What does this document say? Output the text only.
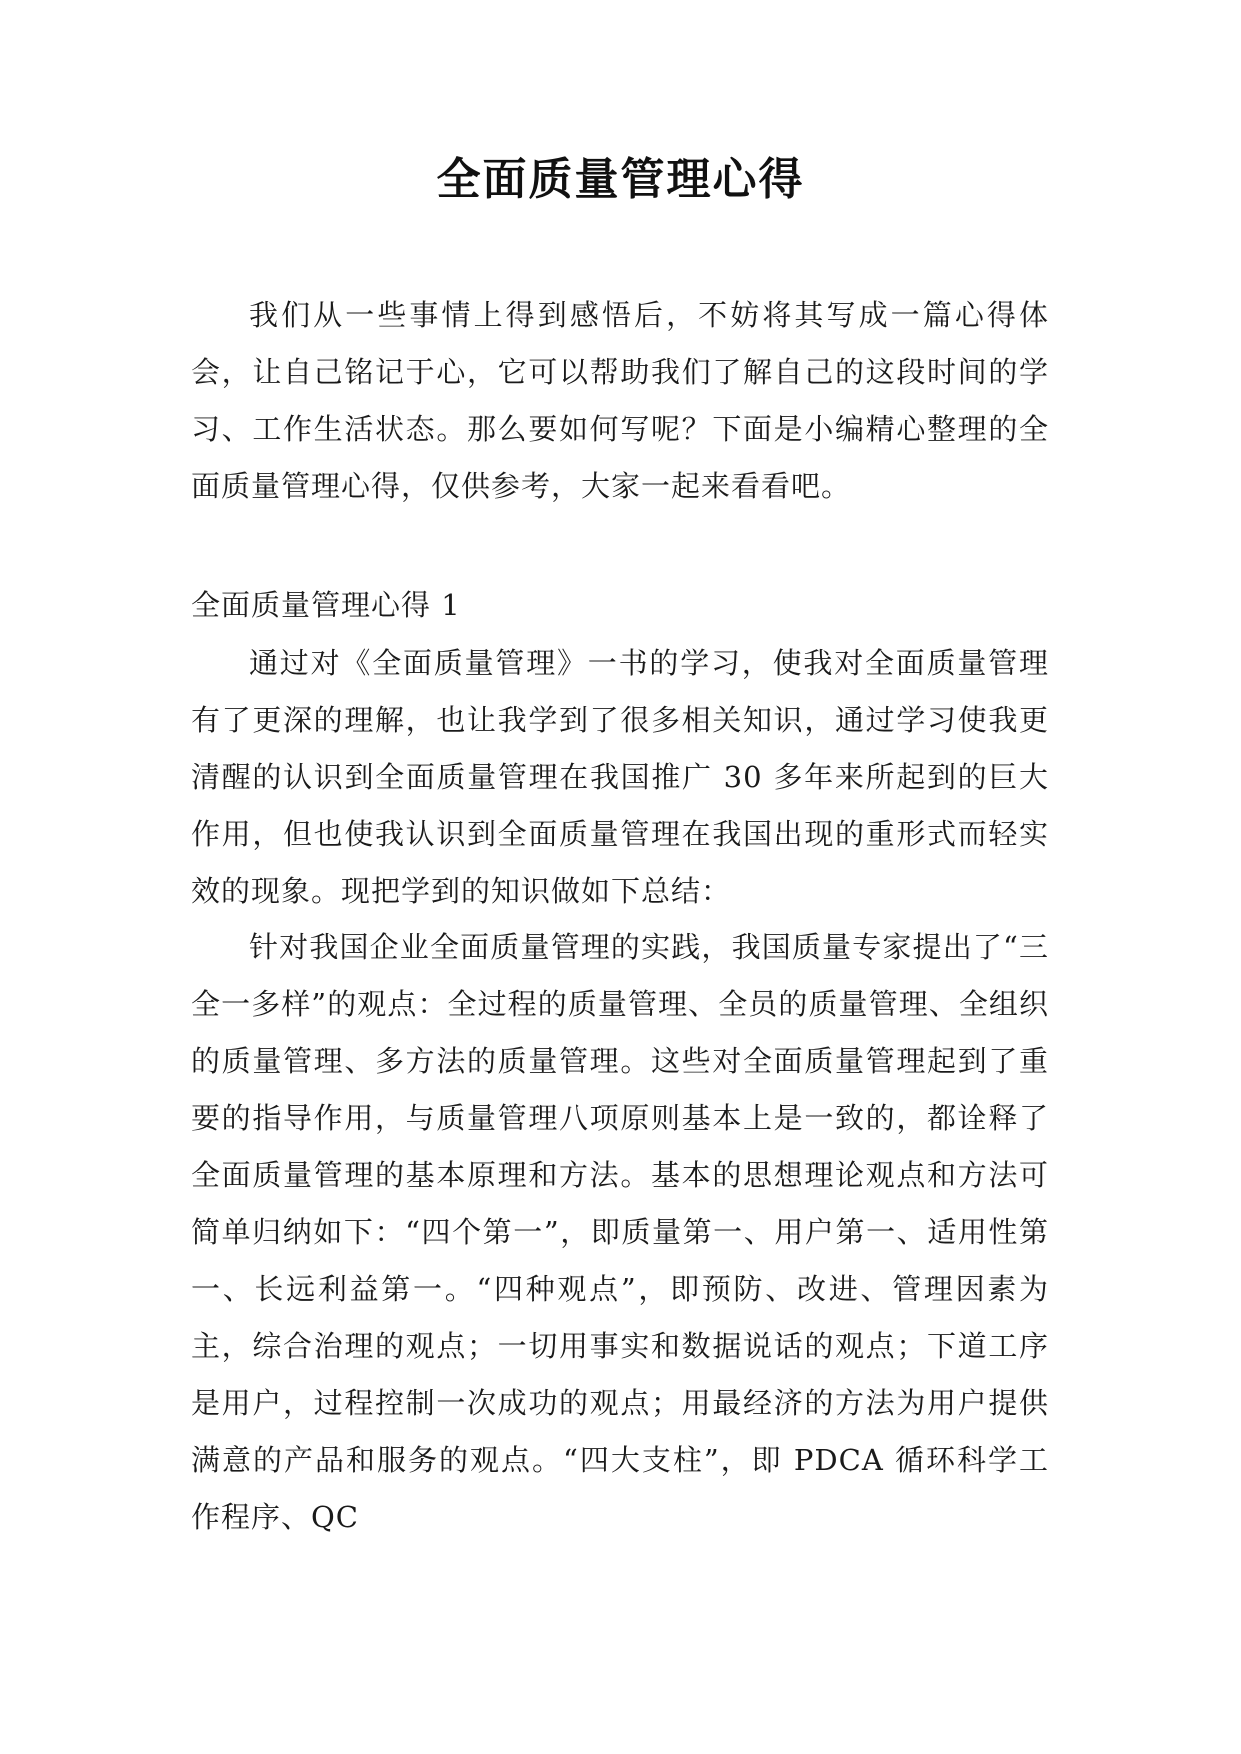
全面质量管理心得

我们从一些事情上得到感悟后，不妨将其写成一篇心得体会，让自己铭记于心，它可以帮助我们了解自己的这段时间的学习、工作生活状态。那么要如何写呢？下面是小编精心整理的全面质量管理心得，仅供参考，大家一起来看看吧。

全面质量管理心得 1

通过对《全面质量管理》一书的学习，使我对全面质量管理有了更深的理解，也让我学到了很多相关知识，通过学习使我更清醒的认识到全面质量管理在我国推广 30 多年来所起到的巨大作用，但也使我认识到全面质量管理在我国出现的重形式而轻实效的现象。现把学到的知识做如下总结：

针对我国企业全面质量管理的实践，我国质量专家提出了“三全一多样”的观点：全过程的质量管理、全员的质量管理、全组织的质量管理、多方法的质量管理。这些对全面质量管理起到了重要的指导作用，与质量管理八项原则基本上是一致的，都诠释了全面质量管理的基本原理和方法。基本的思想理论观点和方法可简单归纳如下：“四个第一”，即质量第一、用户第一、适用性第一、长远利益第一。“四种观点”，即预防、改进、管理因素为主，综合治理的观点；一切用事实和数据说话的观点；下道工序是用户，过程控制一次成功的观点；用最经济的方法为用户提供满意的产品和服务的观点。“四大支柱”，即 PDCA 循环科学工作程序、QC
